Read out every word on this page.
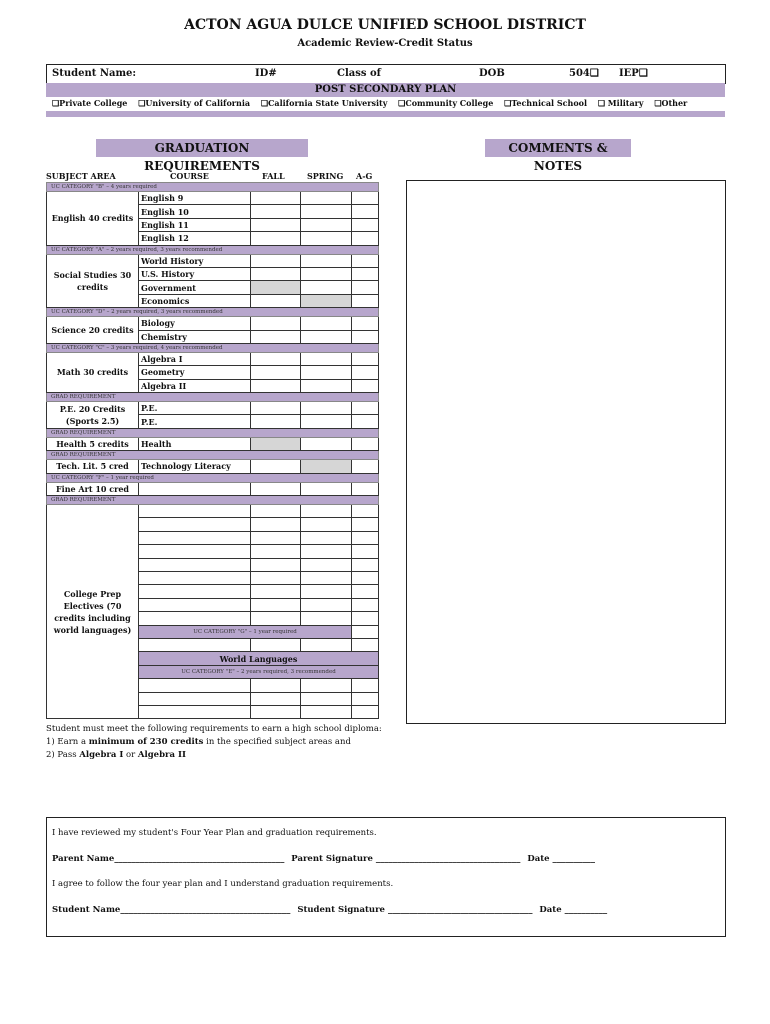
ACTON AGUA DULCE UNIFIED SCHOOL DISTRICT
Academic Review-Credit Status
Student Name:	ID#	Class of	DOB	504❏ IEP❏
POST SECONDARY PLAN
❏Private College ❏University of California ❏California State University ❏Community College ❏Technical School ❏ Military ❏Other
GRADUATION REQUIREMENTS
COMMENTS & NOTES
SUBJECT AREA	COURSE	FALL	SPRING A-G
UC CATEGORY "B" – 4 years required				
English 40 credits	English 9			
	English 10			
	English 11			
	English 12			
UC CATEGORY "A" – 2 years required, 3 years recommended				
Social Studies 30 credits	World History			
	U.S. History			
	Government			
	Economics			
UC CATEGORY "D" – 2 years required, 3 years recommended				
Science 20 credits	Biology			
	Chemistry			
UC CATEGORY "C" – 3 years required, 4 years recommended				
Math 30 credits	Algebra I			
	Geometry			
	Algebra II			
GRAD REQUIREMENT				
P.E. 20 Credits (Sports 2.5)	P.E.			
	P.E.			
GRAD REQUIREMENT				
Health 5 credits	Health			
GRAD REQUIREMENT				
Tech. Lit. 5 cred	Technology Literacy			
UC CATEGORY "F" – 1 year required				
Fine Art 10 cred				
GRAD REQUIREMENT				
College Prep Electives (70 credits including world languages)				

	UC CATEGORY "G" – 1 year required			

	World Languages			
	UC CATEGORY "E" – 2 years required, 3 recommended			

Student must meet the following requirements to earn a high school diploma:
1) Earn a minimum of 230 credits in the specified subject areas and
2) Pass Algebra I or Algebra II
I have reviewed my student's Four Year Plan and graduation requirements.
Parent Name________________________________________ Parent Signature __________________________________ Date __________
I agree to follow the four year plan and I understand graduation requirements.
Student Name________________________________________ Student Signature __________________________________ Date __________
